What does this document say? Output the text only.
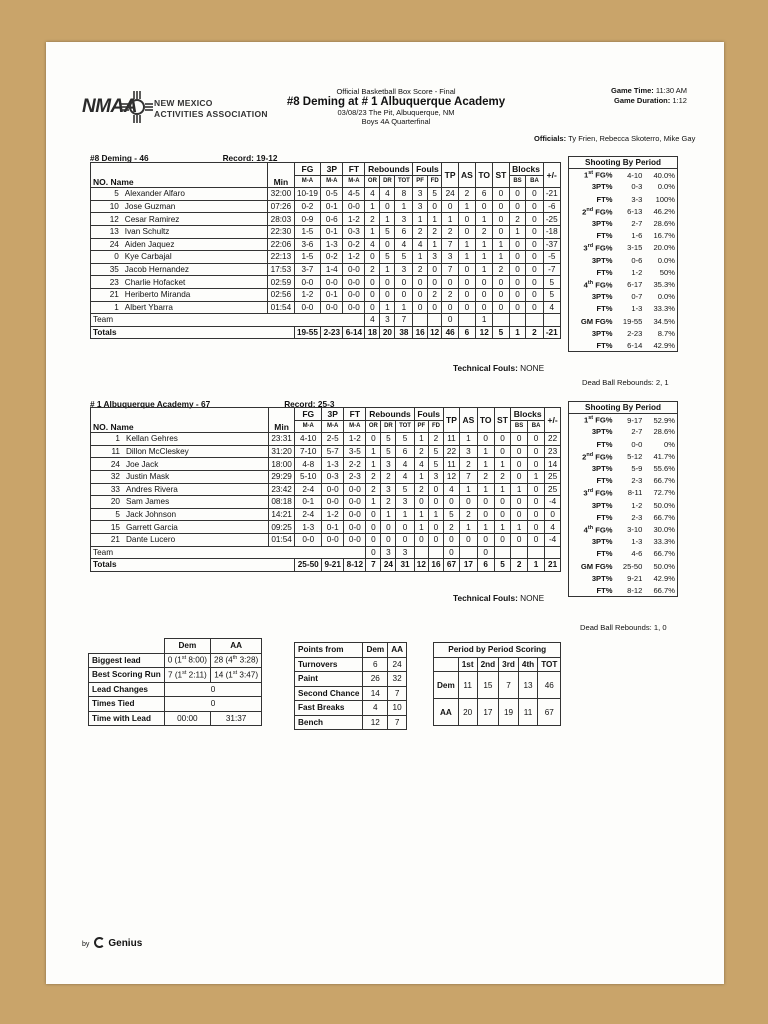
NMAA NEW MEXICO
ACTIVITIES ASSOCIATION
Official Basketball Box Score - Final
#8 Deming at # 1 Albuquerque Academy
03/08/23 The Pit, Albuquerque, NM
Boys 4A Quarterfinal
Game Time: 11:30 AM
Game Duration: 1:12
Officials: Ty Frien, Rebecca Skoterro, Mike Gay
#8 Deming - 46	Record: 19-12
NO. Name		Min	FG	3P	FT	Rebounds			Fouls		TP	AS	TO	ST	Blocks		+/-
			M-A	M-A	M-A	OR	DR	TOT	PF	FD					BS	BA	
5	Alexander Alfaro	32:00	10-19	0-5	4-5	4	4	8	3	5	24	2	6	0	0	0	-21
10	Jose Guzman	07:26	0-2	0-1	0-0	1	0	1	3	0	0	1	0	0	0	0	-6
12	Cesar Ramirez	28:03	0-9	0-6	1-2	2	1	3	1	1	1	0	1	0	2	0	-25
13	Ivan Schultz	22:30	1-5	0-1	0-3	1	5	6	2	2	2	0	2	0	1	0	-18
24	Aiden Jaquez	22:06	3-6	1-3	0-2	4	0	4	4	1	7	1	1	1	0	0	-37
0	Kye Carbajal	22:13	1-5	0-2	1-2	0	5	5	1	3	3	1	1	1	0	0	-5
35	Jacob Hernandez	17:53	3-7	1-4	0-0	2	1	3	2	0	7	0	1	2	0	0	-7
23	Charlie Hofacket	02:59	0-0	0-0	0-0	0	0	0	0	0	0	0	0	0	0	0	5
21	Heriberto Miranda	02:56	1-2	0-1	0-0	0	0	0	0	2	2	0	0	0	0	0	5
1	Albert Ybarra	01:54	0-0	0-0	0-0	0	1	1	0	0	0	0	0	0	0	0	4
Team						4	3	7			0		1				
Totals			19-55	2-23	6-14	18	20	38	16	12	46	6	12	5	1	2	-21
Technical Fouls: NONE
Shooting By Period		
1st FG%	4-10	40.0%
3PT%	0-3	0.0%
FT%	3-3	100%
2nd FG%	6-13	46.2%
3PT%	2-7	28.6%
FT%	1-6	16.7%
3rd FG%	3-15	20.0%
3PT%	0-6	0.0%
FT%	1-2	50%
4th FG%	6-17	35.3%
3PT%	0-7	0.0%
FT%	1-3	33.3%
GM FG%	19-55	34.5%
3PT%	2-23	8.7%
FT%	6-14	42.9%
Dead Ball Rebounds: 2, 1
# 1 Albuquerque Academy - 67	Record: 25-3
NO. Name		Min	FG	3P	FT	Rebounds			Fouls		TP	AS	TO	ST	Blocks		+/-
			M-A	M-A	M-A	OR	DR	TOT	PF	FD					BS	BA	
1	Kellan Gehres	23:31	4-10	2-5	1-2	0	5	5	1	2	11	1	0	0	0	0	22
11	Dillon McCleskey	31:20	7-10	5-7	3-5	1	5	6	2	5	22	3	1	0	0	0	23
24	Joe Jack	18:00	4-8	1-3	2-2	1	3	4	4	5	11	2	1	1	0	0	14
32	Justin Mask	29:29	5-10	0-3	2-3	2	2	4	1	3	12	7	2	2	0	1	25
33	Andres Rivera	23:42	2-4	0-0	0-0	2	3	5	2	0	4	1	1	1	1	0	25
20	Sam James	08:18	0-1	0-0	0-0	1	2	3	0	0	0	0	0	0	0	0	-4
5	Jack Johnson	14:21	2-4	1-2	0-0	0	1	1	1	1	5	2	0	0	0	0	0
15	Garrett Garcia	09:25	1-3	0-1	0-0	0	0	0	1	0	2	1	1	1	1	0	4
21	Dante Lucero	01:54	0-0	0-0	0-0	0	0	0	0	0	0	0	0	0	0	0	-4
Team						0	3	3			0		0				
Totals			25-50	9-21	8-12	7	24	31	12	16	67	17	6	5	2	1	21
Technical Fouls: NONE
Shooting By Period		
1st FG%	9-17	52.9%
3PT%	2-7	28.6%
FT%	0-0	0%
2nd FG%	5-12	41.7%
3PT%	5-9	55.6%
FT%	2-3	66.7%
3rd FG%	8-11	72.7%
3PT%	1-2	50.0%
FT%	2-3	66.7%
4th FG%	3-10	30.0%
3PT%	1-3	33.3%
FT%	4-6	66.7%
GM FG%	25-50	50.0%
3PT%	9-21	42.9%
FT%	8-12	66.7%
Dead Ball Rebounds: 1, 0
	Dem	AA
Biggest lead	0 (1st 8:00)	28 (4th 3:28)
Best Scoring Run	7 (1st 2:11)	14 (1st 3:47)
Lead Changes	0	
Times Tied	0	
Time with Lead	00:00	31:37
Points from	Dem	AA
Turnovers	6	24
Paint	26	32
Second Chance	14	7
Fast Breaks	4	10
Bench	12	7
Period by Period Scoring					
	1st	2nd	3rd	4th	TOT
Dem	11	15	7	13	46
AA	20	17	19	11	67
by Genius
